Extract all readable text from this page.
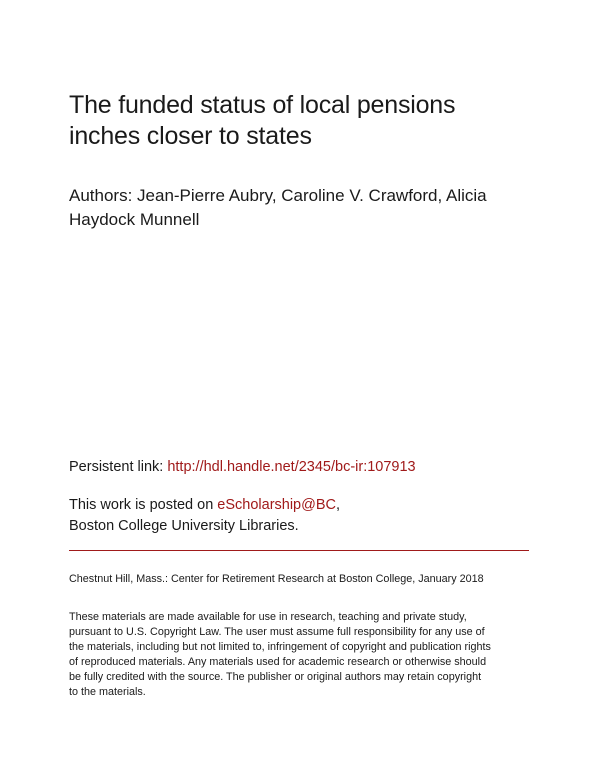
The funded status of local pensions
inches closer to states
Authors: Jean-Pierre Aubry, Caroline V. Crawford, Alicia
Haydock Munnell
Persistent link: http://hdl.handle.net/2345/bc-ir:107913
This work is posted on eScholarship@BC,
Boston College University Libraries.
Chestnut Hill, Mass.: Center for Retirement Research at Boston College, January 2018
These materials are made available for use in research, teaching and private study,
pursuant to U.S. Copyright Law. The user must assume full responsibility for any use of
the materials, including but not limited to, infringement of copyright and publication rights
of reproduced materials. Any materials used for academic research or otherwise should
be fully credited with the source. The publisher or original authors may retain copyright
to the materials.
